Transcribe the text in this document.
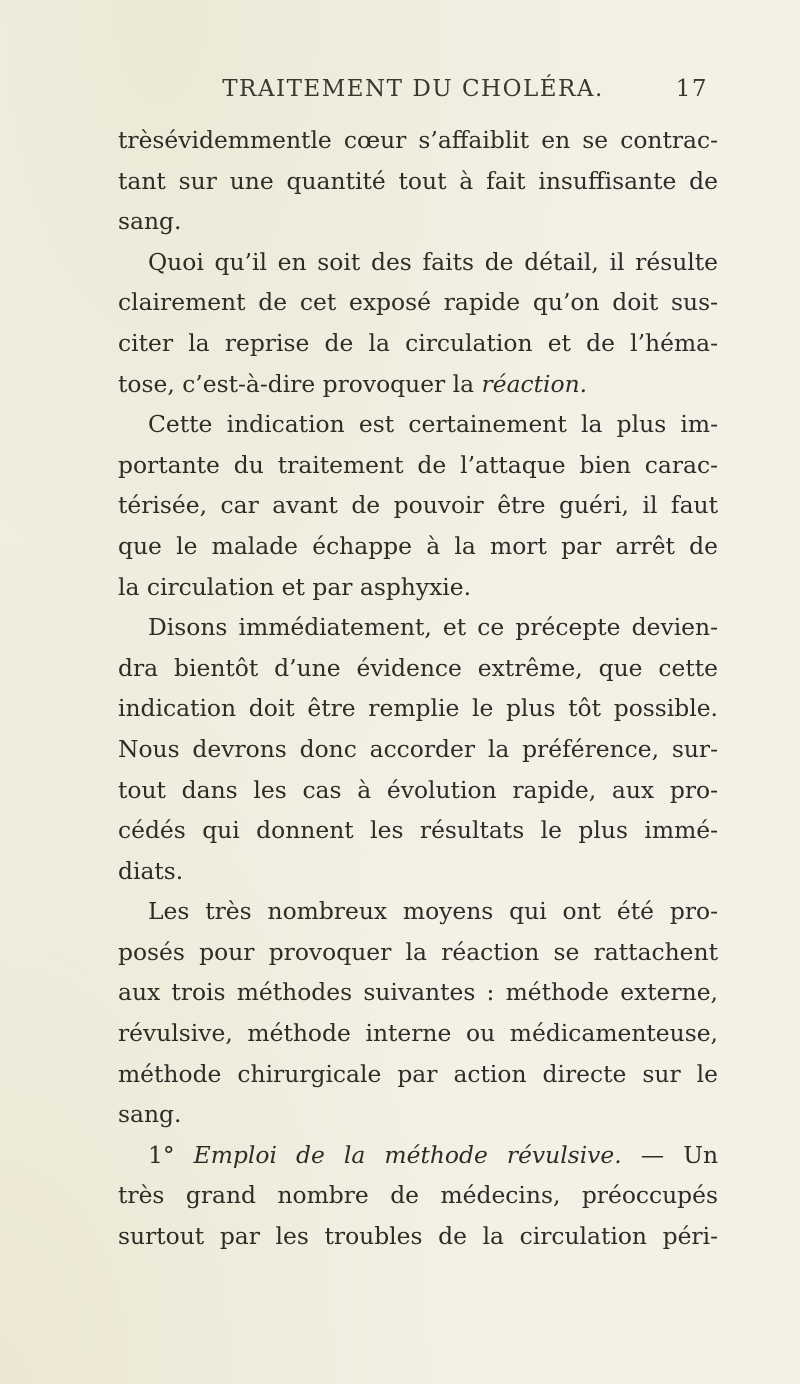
TRAITEMENT DU CHOLÉRA.	17
trèsévidemmentle cœur s’affaiblit en se contrac-
tant sur une quantité tout à fait insuffisante de
sang.
Quoi qu’il en soit des faits de détail, il résulte
clairement de cet exposé rapide qu’on doit sus-
citer la reprise de la circulation et de l’héma-
tose, c’est-à-dire provoquer la réaction.
Cette indication est certainement la plus im-
portante du traitement de l’attaque bien carac-
térisée, car avant de pouvoir être guéri, il faut
que le malade échappe à la mort par arrêt de
la circulation et par asphyxie.
Disons immédiatement, et ce précepte devien-
dra bientôt d’une évidence extrême, que cette
indication doit être remplie le plus tôt possible.
Nous devrons donc accorder la préférence, sur-
tout dans les cas à évolution rapide, aux pro-
cédés qui donnent les résultats le plus immé-
diats.
Les très nombreux moyens qui ont été pro-
posés pour provoquer la réaction se rattachent
aux trois méthodes suivantes : méthode externe,
révulsive, méthode interne ou médicamenteuse,
méthode chirurgicale par action directe sur le
sang.
1° Emploi de la méthode révulsive. — Un
très grand nombre de médecins, préoccupés
surtout par les troubles de la circulation péri-
